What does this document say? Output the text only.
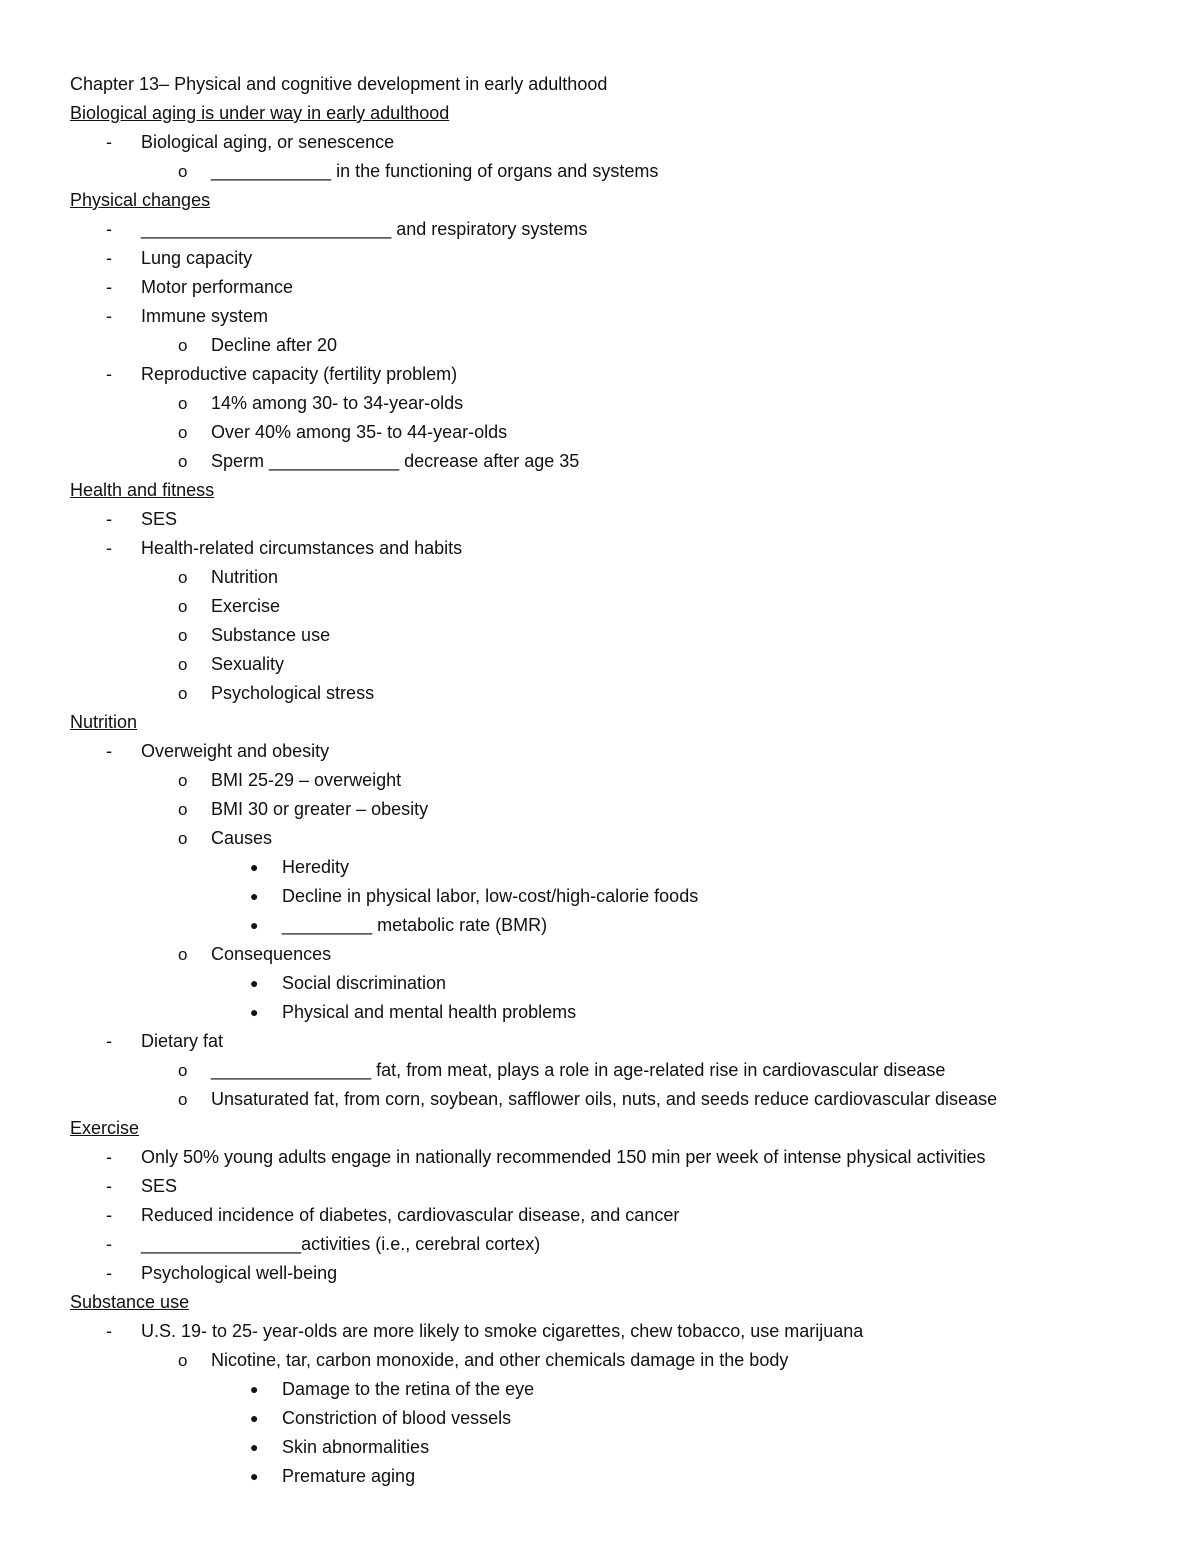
Chapter 13– Physical and cognitive development in early adulthood
Biological aging is under way in early adulthood
- Biological aging, or senescence
o ____________ in the functioning of organs and systems
Physical changes
- _________________________ and respiratory systems
- Lung capacity
- Motor performance
- Immune system
o Decline after 20
- Reproductive capacity (fertility problem)
o 14% among 30- to 34-year-olds
o Over 40% among 35- to 44-year-olds
o Sperm _____________ decrease after age 35
Health and fitness
- SES
- Health-related circumstances and habits
o Nutrition
o Exercise
o Substance use
o Sexuality
o Psychological stress
Nutrition
- Overweight and obesity
o BMI 25-29 – overweight
o BMI 30 or greater – obesity
o Causes
● Heredity
● Decline in physical labor, low-cost/high-calorie foods
● _________ metabolic rate (BMR)
o Consequences
● Social discrimination
● Physical and mental health problems
- Dietary fat
o ________________ fat, from meat, plays a role in age-related rise in cardiovascular disease
o Unsaturated fat, from corn, soybean, safflower oils, nuts, and seeds reduce cardiovascular disease
Exercise
- Only 50% young adults engage in nationally recommended 150 min per week of intense physical activities
- SES
- Reduced incidence of diabetes, cardiovascular disease, and cancer
- ________________activities (i.e., cerebral cortex)
- Psychological well-being
Substance use
- U.S. 19- to 25- year-olds are more likely to smoke cigarettes, chew tobacco, use marijuana
o Nicotine, tar, carbon monoxide, and other chemicals damage in the body
● Damage to the retina of the eye
● Constriction of blood vessels
● Skin abnormalities
● Premature aging
